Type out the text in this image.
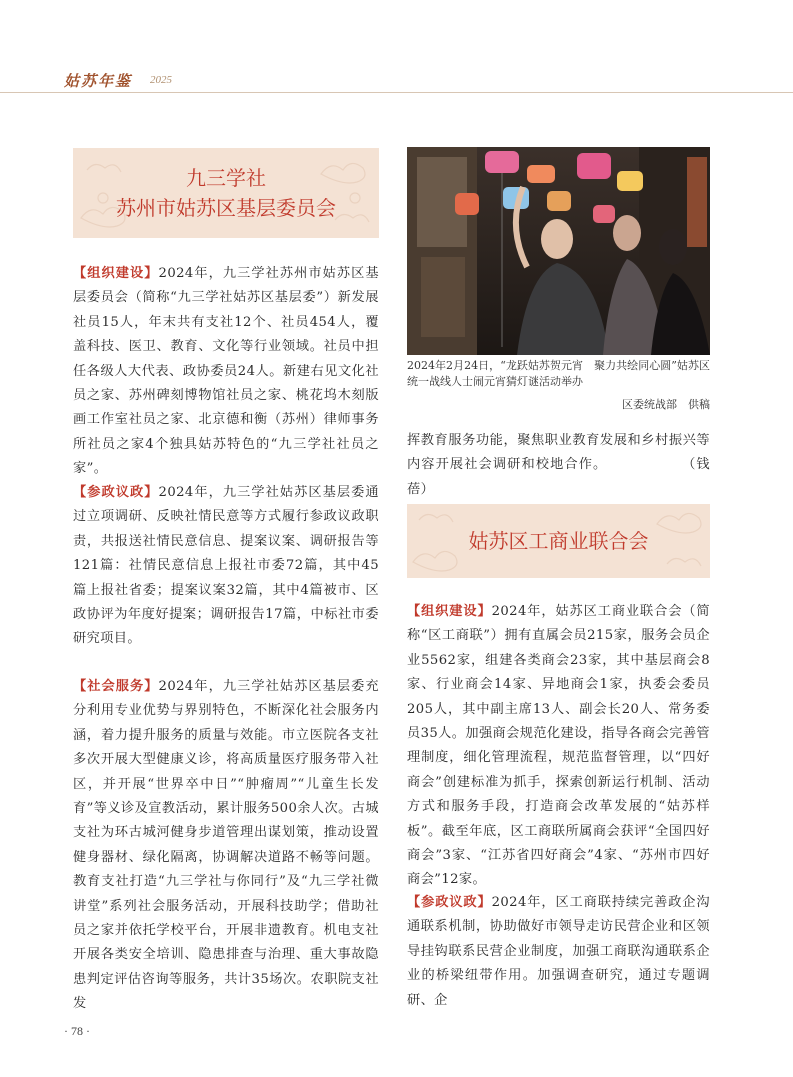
姑苏年鉴 2025
九三学社
苏州市姑苏区基层委员会
【组织建设】2024年，九三学社苏州市姑苏区基层委员会（简称“九三学社姑苏区基层委”）新发展社员15人，年末共有支社12个、社员454人，覆盖科技、医卫、教育、文化等行业领域。社员中担任各级人大代表、政协委员24人。新建右见文化社员之家、苏州碑刻博物馆社员之家、桃花坞木刻版画工作室社员之家、北京德和衡（苏州）律师事务所社员之家4个独具姑苏特色的“九三学社社员之家”。
【参政议政】2024年，九三学社姑苏区基层委通过立项调研、反映社情民意等方式履行参政议政职责，共报送社情民意信息、提案议案、调研报告等121篇：社情民意信息上报社市委72篇，其中45篇上报社省委；提案议案32篇，其中4篇被市、区政协评为年度好提案；调研报告17篇，中标社市委研究项目。
【社会服务】2024年，九三学社姑苏区基层委充分利用专业优势与界别特色，不断深化社会服务内涵，着力提升服务的质量与效能。市立医院各支社多次开展大型健康义诊，将高质量医疗服务带入社区，并开展“世界卒中日”“肿瘤周”“儿童生长发育”等义诊及宣教活动，累计服务500余人次。古城支社为环古城河健身步道管理出谋划策，推动设置健身器材、绿化隔离，协调解决道路不畅等问题。教育支社打造“九三学社与你同行”及“九三学社微讲堂”系列社会服务活动，开展科技助学；借助社员之家并依托学校平台，开展非遗教育。机电支社开展各类安全培训、隐患排查与治理、重大事故隐患判定评估咨询等服务，共计35场次。农职院支社发
2024年2月24日，“龙跃姑苏贺元宵　聚力共绘同心圆”姑苏区统一战线人士闹元宵猜灯谜活动举办
区委统战部　供稿
挥教育服务功能，聚焦职业教育发展和乡村振兴等内容开展社会调研和校地合作。	（钱　蓓）
姑苏区工商业联合会
【组织建设】2024年，姑苏区工商业联合会（简称“区工商联”）拥有直属会员215家，服务会员企业5562家，组建各类商会23家，其中基层商会8家、行业商会14家、异地商会1家，执委会委员205人，其中副主席13人、副会长20人、常务委员35人。加强商会规范化建设，指导各商会完善管理制度，细化管理流程，规范监督管理，以“四好商会”创建标准为抓手，探索创新运行机制、活动方式和服务手段，打造商会改革发展的“姑苏样板”。截至年底，区工商联所属商会获评“全国四好商会”3家、“江苏省四好商会”4家、“苏州市四好商会”12家。
【参政议政】2024年，区工商联持续完善政企沟通联系机制，协助做好市领导走访民营企业和区领导挂钩联系民营企业制度，加强工商联沟通联系企业的桥梁纽带作用。加强调查研究，通过专题调研、企
· 78 ·
